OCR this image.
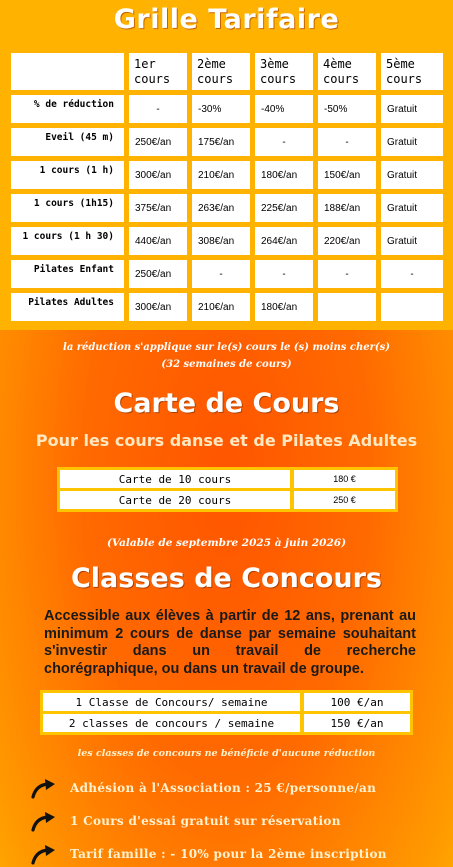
Grille Tarifaire
	1er cours	2ème cours	3ème cours	4ème cours	5ème cours
% de réduction	-	-30%	-40%	-50%	Gratuit
Eveil (45 m)	250€/an	175€/an	-	-	Gratuit
1 cours (1 h)	300€/an	210€/an	180€/an	150€/an	Gratuit
1 cours (1h15)	375€/an	263€/an	225€/an	188€/an	Gratuit
1 cours (1 h 30)	440€/an	308€/an	264€/an	220€/an	Gratuit
Pilates Enfant	250€/an	-	-	-	-
Pilates Adultes	300€/an	210€/an	180€/an		
la réduction s'applique sur le(s) cours le (s) moins cher(s)
(32 semaines de cours)
Carte de Cours
Pour les cours danse et de Pilates Adultes
Carte de 10 cours	180 €
Carte de 20 cours	250 €
(Valable de septembre 2025 à juin 2026)
Classes de Concours
Accessible aux élèves à partir de 12 ans, prenant au minimum 2 cours de danse par semaine souhaitant s'investir dans un travail de recherche chorégraphique, ou dans un travail de groupe.
1 Classe de Concours/ semaine	100 €/an
2 classes de concours / semaine	150 €/an
les classes de concours ne bénéficie d'aucune réduction
Adhésion à l'Association : 25 €/personne/an
1 Cours d'essai gratuit sur réservation
Tarif famille : - 10% pour la 2ème inscription
